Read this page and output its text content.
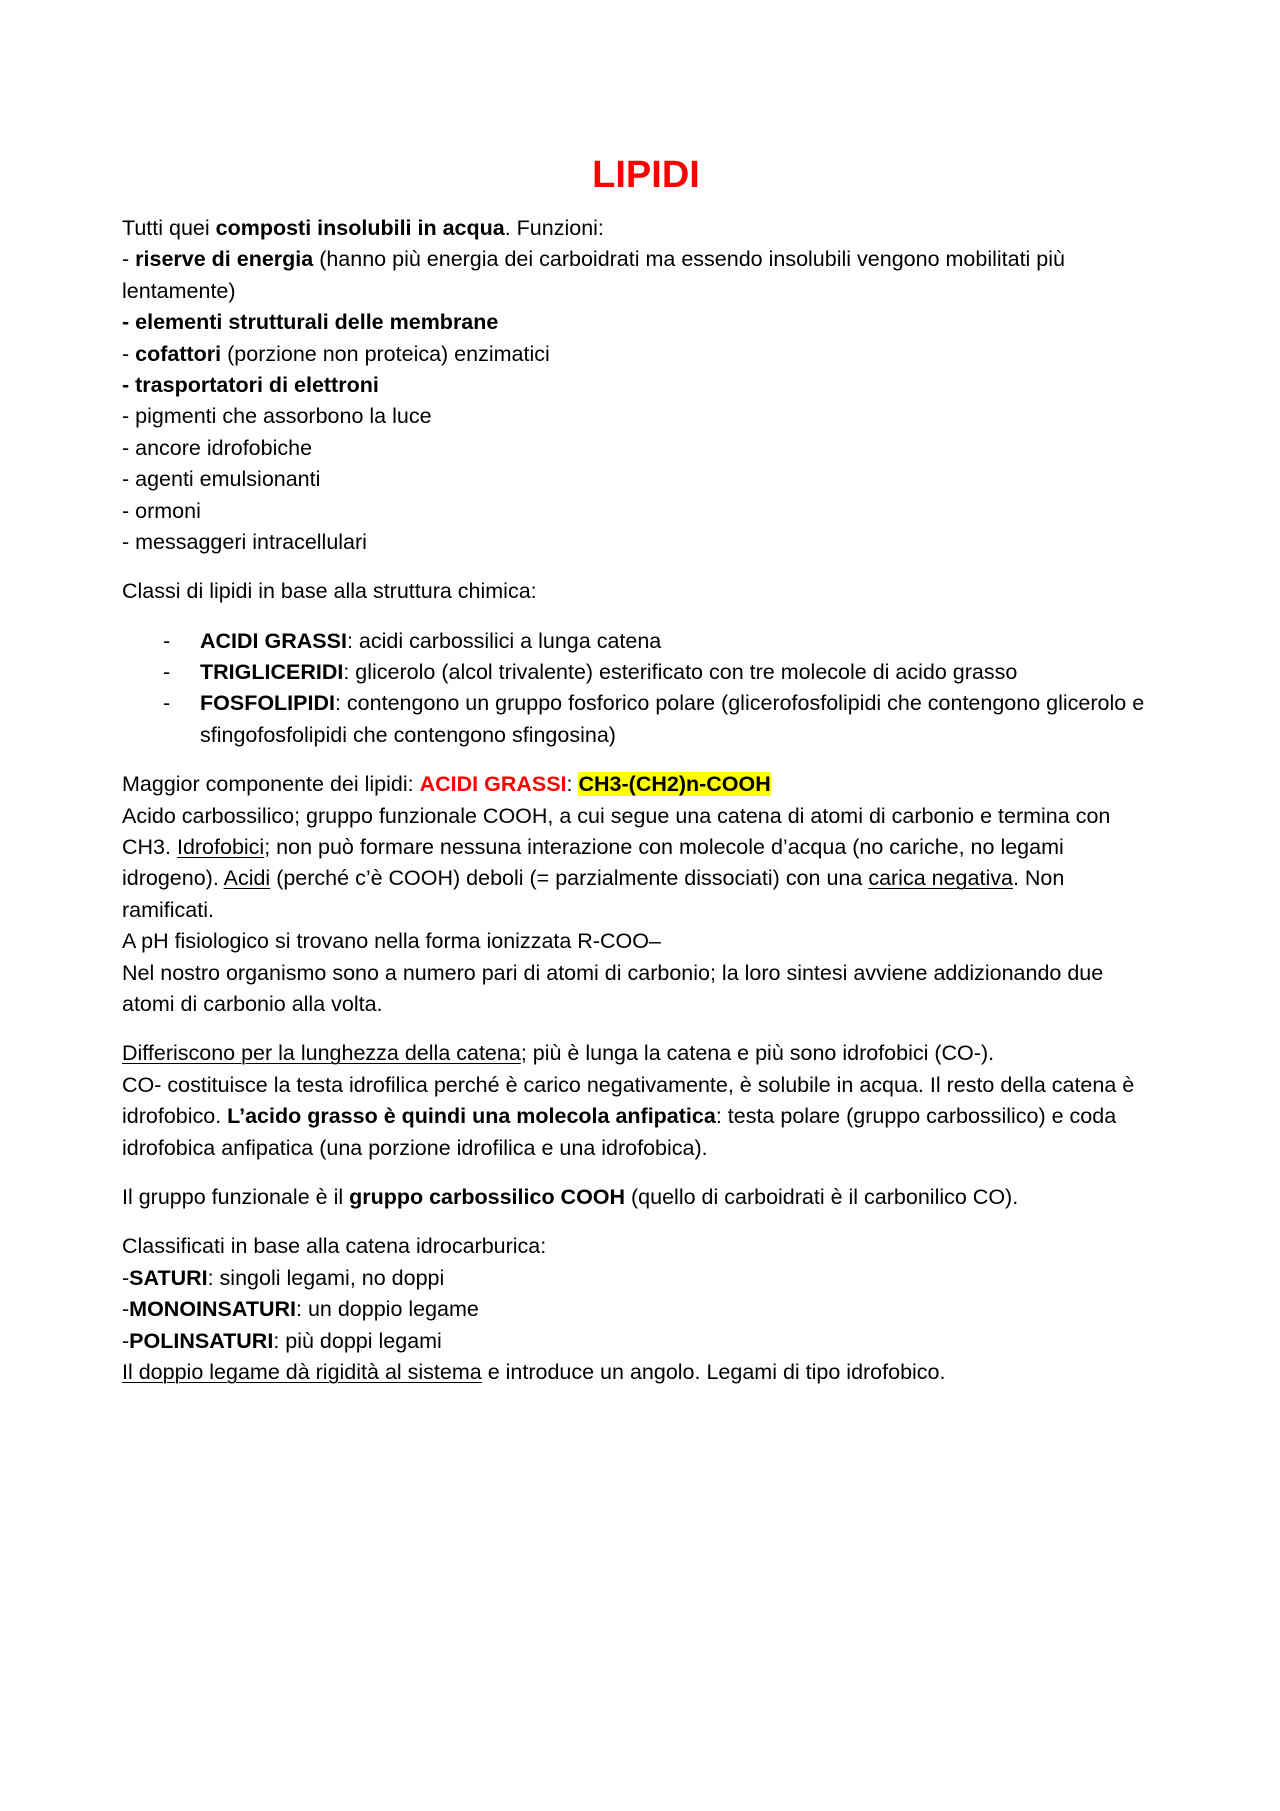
LIPIDI
Tutti quei composti insolubili in acqua. Funzioni:
- riserve di energia (hanno più energia dei carboidrati ma essendo insolubili vengono mobilitati più
lentamente)
- elementi strutturali delle membrane
- cofattori (porzione non proteica) enzimatici
- trasportatori di elettroni
- pigmenti che assorbono la luce
- ancore idrofobiche
- agenti emulsionanti
- ormoni
- messaggeri intracellulari
Classi di lipidi in base alla struttura chimica:
- ACIDI GRASSI: acidi carbossilici a lunga catena
- TRIGLICERIDI: glicerolo (alcol trivalente) esterificato con tre molecole di acido grasso
- FOSFOLIPIDI: contengono un gruppo fosforico polare (glicerofosfolipidi che contengono glicerolo e
sfingofosfolipidi che contengono sfingosina)
Maggior componente dei lipidi: ACIDI GRASSI: CH3-(CH2)n-COOH
Acido carbossilico; gruppo funzionale COOH, a cui segue una catena di atomi di carbonio e termina con
CH3. Idrofobici; non può formare nessuna interazione con molecole d’acqua (no cariche, no legami
idrogeno). Acidi (perché c’è COOH) deboli (= parzialmente dissociati) con una carica negativa. Non
ramificati.
A pH fisiologico si trovano nella forma ionizzata R-COO–
Nel nostro organismo sono a numero pari di atomi di carbonio; la loro sintesi avviene addizionando due
atomi di carbonio alla volta.
Differiscono per la lunghezza della catena; più è lunga la catena e più sono idrofobici (CO-).
CO- costituisce la testa idrofilica perché è carico negativamente, è solubile in acqua. Il resto della catena è
idrofobico. L’acido grasso è quindi una molecola anfipatica: testa polare (gruppo carbossilico) e coda
idrofobica anfipatica (una porzione idrofilica e una idrofobica).
Il gruppo funzionale è il gruppo carbossilico COOH (quello di carboidrati è il carbonilico CO).
Classificati in base alla catena idrocarburica:
-SATURI: singoli legami, no doppi
-MONOINSATURI: un doppio legame
-POLINSATURI: più doppi legami
Il doppio legame dà rigidità al sistema e introduce un angolo. Legami di tipo idrofobico.
